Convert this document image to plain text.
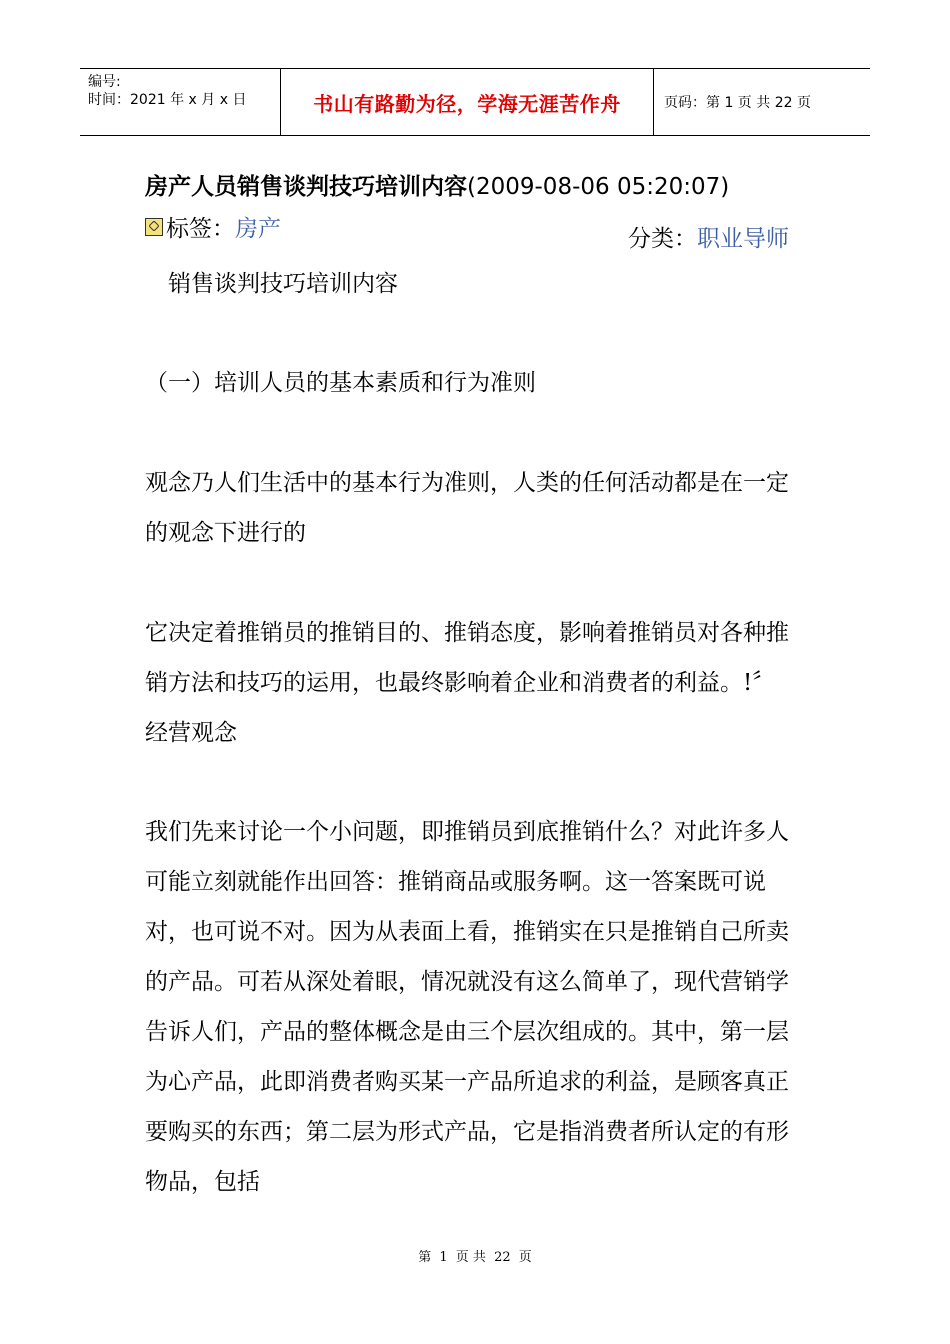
编号:
时间：2021 年 x 月 x 日	书山有路勤为径，学海无涯苦作舟	页码：第 1 页 共 22 页
房产人员销售谈判技巧培训内容(2009-08-06 05:20:07)
标签： 房产	分类：职业导师
　销售谈判技巧培训内容
（一）培训人员的基本素质和行为准则
观念乃人们生活中的基本行为准则，人类的任何活动都是在一定的观念下进行的
它决定着推销员的推销目的、推销态度，影响着推销员对各种推销方法和技巧的运用，也最终影响着企业和消费者的利益。!〞经营观念
我们先来讨论一个小问题，即推销员到底推销什么？对此许多人可能立刻就能作出回答：推销商品或服务啊。这一答案既可说对，也可说不对。因为从表面上看，推销实在只是推销自己所卖的产品。可若从深处着眼，情况就没有这么简单了，现代营销学告诉人们，产品的整体概念是由三个层次组成的。其中，第一层为心产品，此即消费者购买某一产品所追求的利益，是顾客真正要购买的东西；第二层为形式产品，它是指消费者所认定的有形物品，包括
第 1 页 共 22 页
